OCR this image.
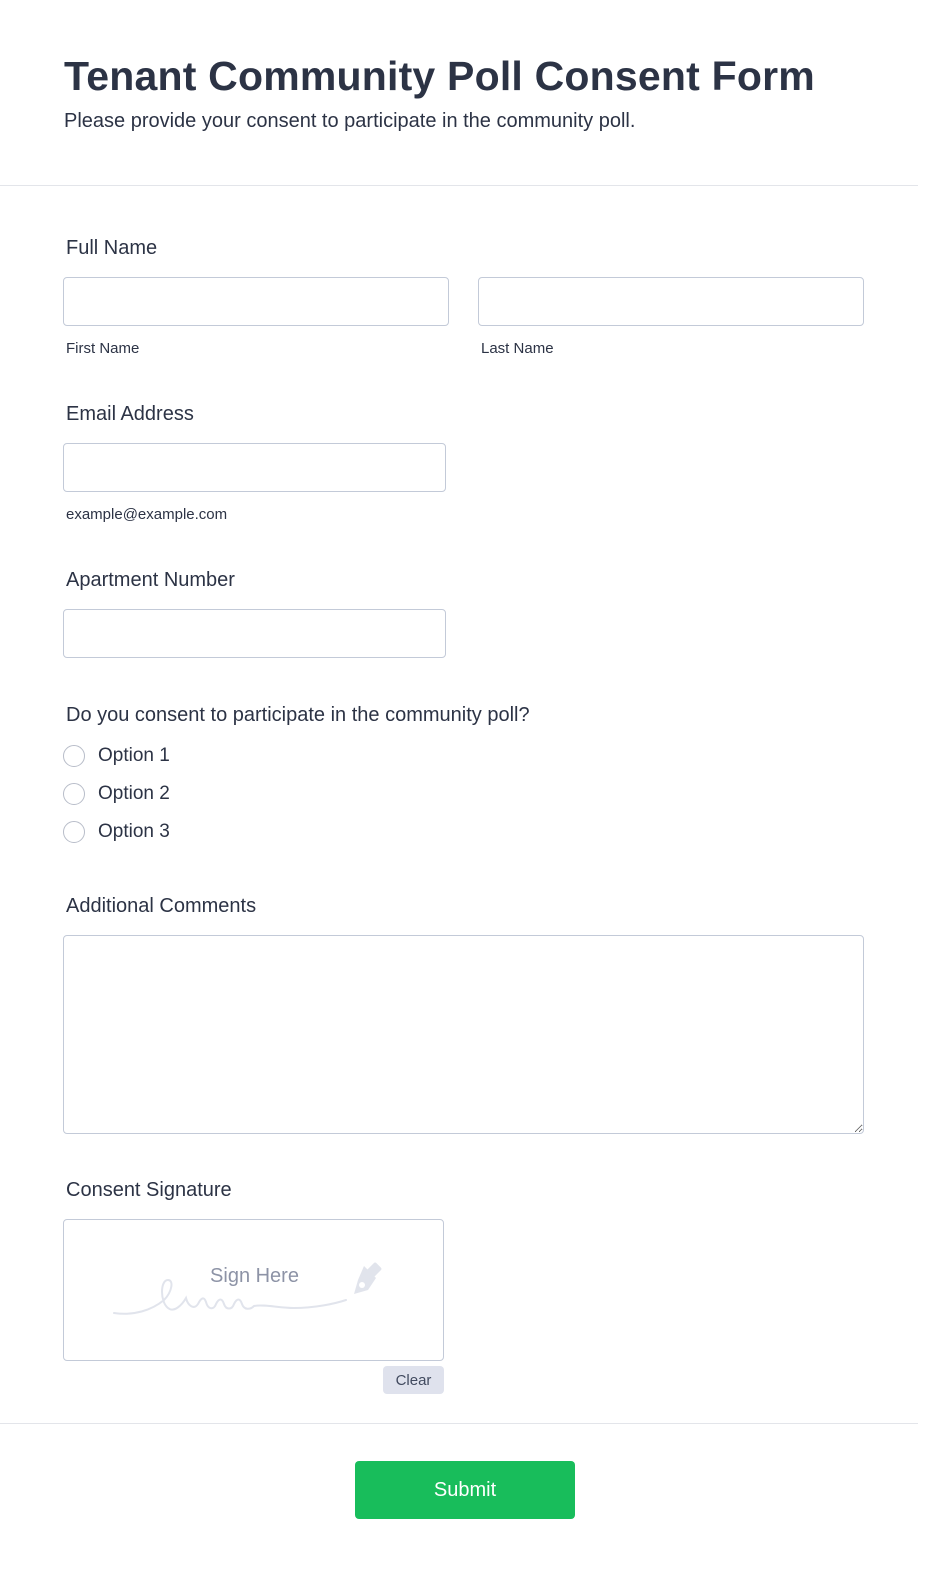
Tenant Community Poll Consent Form
Please provide your consent to participate in the community poll.
Full Name
First Name	Last Name
Email Address
example@example.com
Apartment Number
Do you consent to participate in the community poll?
Option 1
Option 2
Option 3
Additional Comments
Consent Signature
Sign Here
Clear
Submit
